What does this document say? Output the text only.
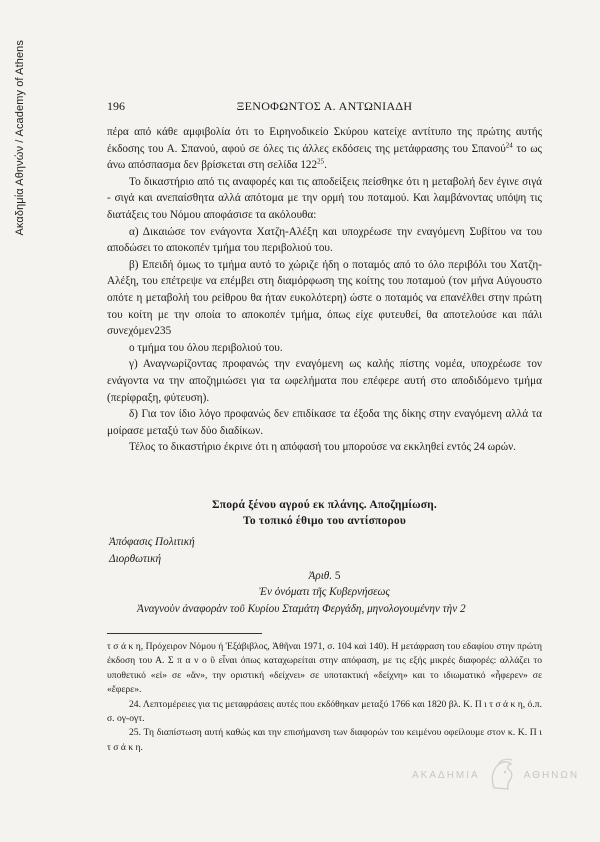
Ακαδημία Αθηνών / Academy of Athens	196	ΞΕΝΟΦΩΝΤΟΣ Α. ΑΝΤΩΝΙΑΔΗ

πέρα από κάθε αμφιβολία ότι το Ειρηνοδικείο Σκύρου κατείχε αντίτυπο της πρώτης αυτής έκδοσης του Α. Σπανού, αφού σε όλες τις άλλες εκδόσεις της μετάφρασης του Σπανού$^{24}$ το ως άνω απόσπασμα δεν βρίσκεται στη σελίδα $122^{25}$.

Το δικαστήριο από τις αναφορές και τις αποδείξεις πείσθηκε ότι η μεταβολή δεν έγινε σιγά - σιγά και ανεπαίσθητα αλλά απότομα με την ορμή του ποταμού. Και λαμβάνοντας υπόψη τις διατάξεις του Νόμου αποφάσισε τα ακόλουθα:

α) Δικαιώσε τον ενάγοντα Χατζη-Αλέξη και υποχρέωσε την εναγόμενη Συβίτου να του αποδώσει το αποκοπέν τμήμα του περιβολιού του.

β) Επειδή όμως το τμήμα αυτό το χώριζε ήδη ο ποταμός από το όλο περιβόλι του Χατζη-Αλέξη, του επέτρεψε να επέμβει στη διαμόρφωση της κοίτης του ποταμού (τον μήνα Αύγουστο οπότε η μεταβολή του ρείθρου θα ήταν ευκολότερη) ώστε ο ποταμός να επανέλθει στην πρώτη του κοίτη με την οποία το αποκοπέν τμήμα, όπως είχε φυτευθεί, θα αποτελούσε και πάλι συνεχόμεν235

ο τμήμα του όλου περιβολιού του.

γ) Αναγνωρίζοντας προφανώς την εναγόμενη ως καλής πίστης νομέα, υποχρέωσε τον ενάγοντα να την αποζημιώσει για τα ωφελήματα που επέφερε αυτή στο αποδιδόμενο τμήμα (περίφραξη, φύτευση).

δ) Για τον ίδιο λόγο προφανώς δεν επιδίκασε τα έξοδα της δίκης στην εναγόμενη αλλά τα μοίρασε μεταξύ των δύο διαδίκων.

Τέλος το δικαστήριο έκρινε ότι η απόφασή του μπορούσε να εκκληθεί εντός 24 ωρών.

Σπορά ξένου αγρού εκ πλάνης. Αποζημίωση.
Το τοπικό έθιμο του αντίσπορου
Ἀπόφασις Πολιτική
Διορθωτική
Ἀριθ. 5
Ἐν ὀνόματι τῆς Κυβερνήσεως
Ἀναγνοὺν ἀναφορὰν τοῦ Κυρίου Σταμάτη Φεργάδη, μηνολογουμένην τὴν 2

τ σ ά κ η, Πρόχειρον Νόμου ή Ἑξάβιβλος, Ἀθῆναι 1971, σ. 104 καὶ 140). Η μετάφραση του εδαφίου στην πρώτη έκδοση του Α. Σ π α ν ο ῦ εἶναι όπως καταχωρείται στην απόφαση, με τις εξής μικρές διαφορές: αλλάζει το υποθετικό «εἰ» σε «ἄν», την οριστική «δείχνει» σε υποτακτική «δείχνη» και το ιδιωματικό «ἦφερεν» σε «ἔφερε».

24. Λεπτομέρειες για τις μεταφράσεις αυτές που εκδόθηκαν μεταξύ 1766 και 1820 βλ. Κ. Π ι τ σ ά κ η, ό.π. σ. ογ-ογτ.

25. Τη διαπίστωση αυτή καθώς και την επισήμανση των διαφορών του κειμένου οφείλουμε στον κ. Κ. Π ι τ σ ά κ η.

ΑΚΑΔΗΜΙΑ	ΑΘΗΝΩΝ
